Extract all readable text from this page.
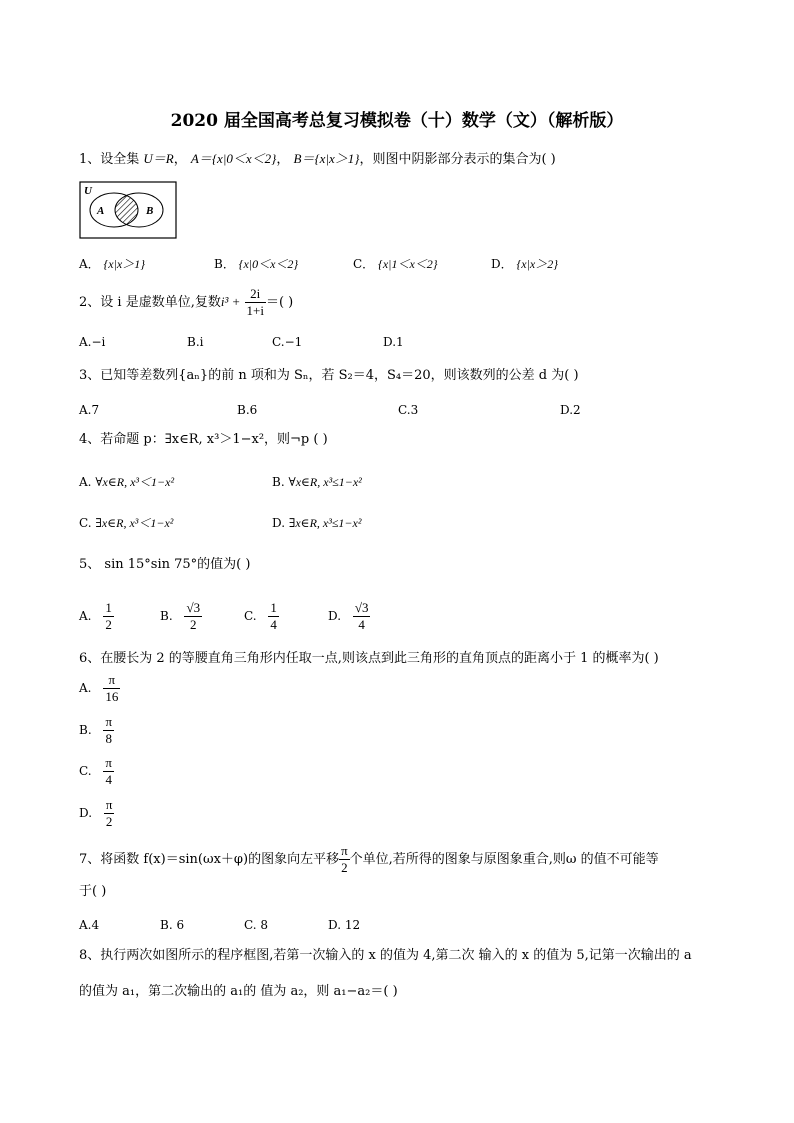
2020 届全国高考总复习模拟卷（十）数学（文）（解析版）
1、设全集 U＝R， A＝{x|0＜x＜2}， B＝{x|x＞1}，则图中阴影部分表示的集合为( )
U
A	B
A． {x|x＞1}	B． {x|0＜x＜2}	C． {x|1＜x＜2}	D． {x|x＞2}
2、设 i 是虚数单位,复数$i^3 + \frac{2i}{1+i}$ ＝( )
A.−i	B.i	C.−1	D.1
3、已知等差数列{aₙ}的前 n 项和为 Sₙ，若 S₂＝4，S₄＝20，则该数列的公差 d 为( )
A.7	B.6	C.3	D.2
4、若命题 p：∃x∈R, x³＞1−x²，则¬p ( )
A. ∀x∈R, x³＜1−x²	B. ∀x∈R, x³≤1−x²
C. ∃x∈R, x³＜1−x²	D. ∃x∈R, x³≤1−x²
5、 sin 15°sin 75°的值为( )
A. $\frac{1}{2}$	B. $\frac{√3}{2}$	C. $\frac{1}{4}$	D. $\frac{√3}{4}$
6、在腰长为 2 的等腰直角三角形内任取一点,则该点到此三角形的直角顶点的距离小于 1 的概率为( )
A. $\frac{\pi}{16}$
B. $\frac{\pi}{8}$
C. $\frac{\pi}{4}$
D. $\frac{\pi}{2}$
7、将函数 f(x)＝sin(ωx＋φ)的图象向左平移 $\frac{\pi}{2}$ 个单位,若所得的图象与原图象重合,则ω 的值不可能等
于( )
A.4	B. 6	C. 8	D. 12
8、执行两次如图所示的程序框图,若第一次输入的 x 的值为 4,第二次 输入的 x 的值为 5,记第一次输出的 a
的值为 a₁，第二次输出的 a₁的 值为 a₂，则 a₁−a₂＝( )
